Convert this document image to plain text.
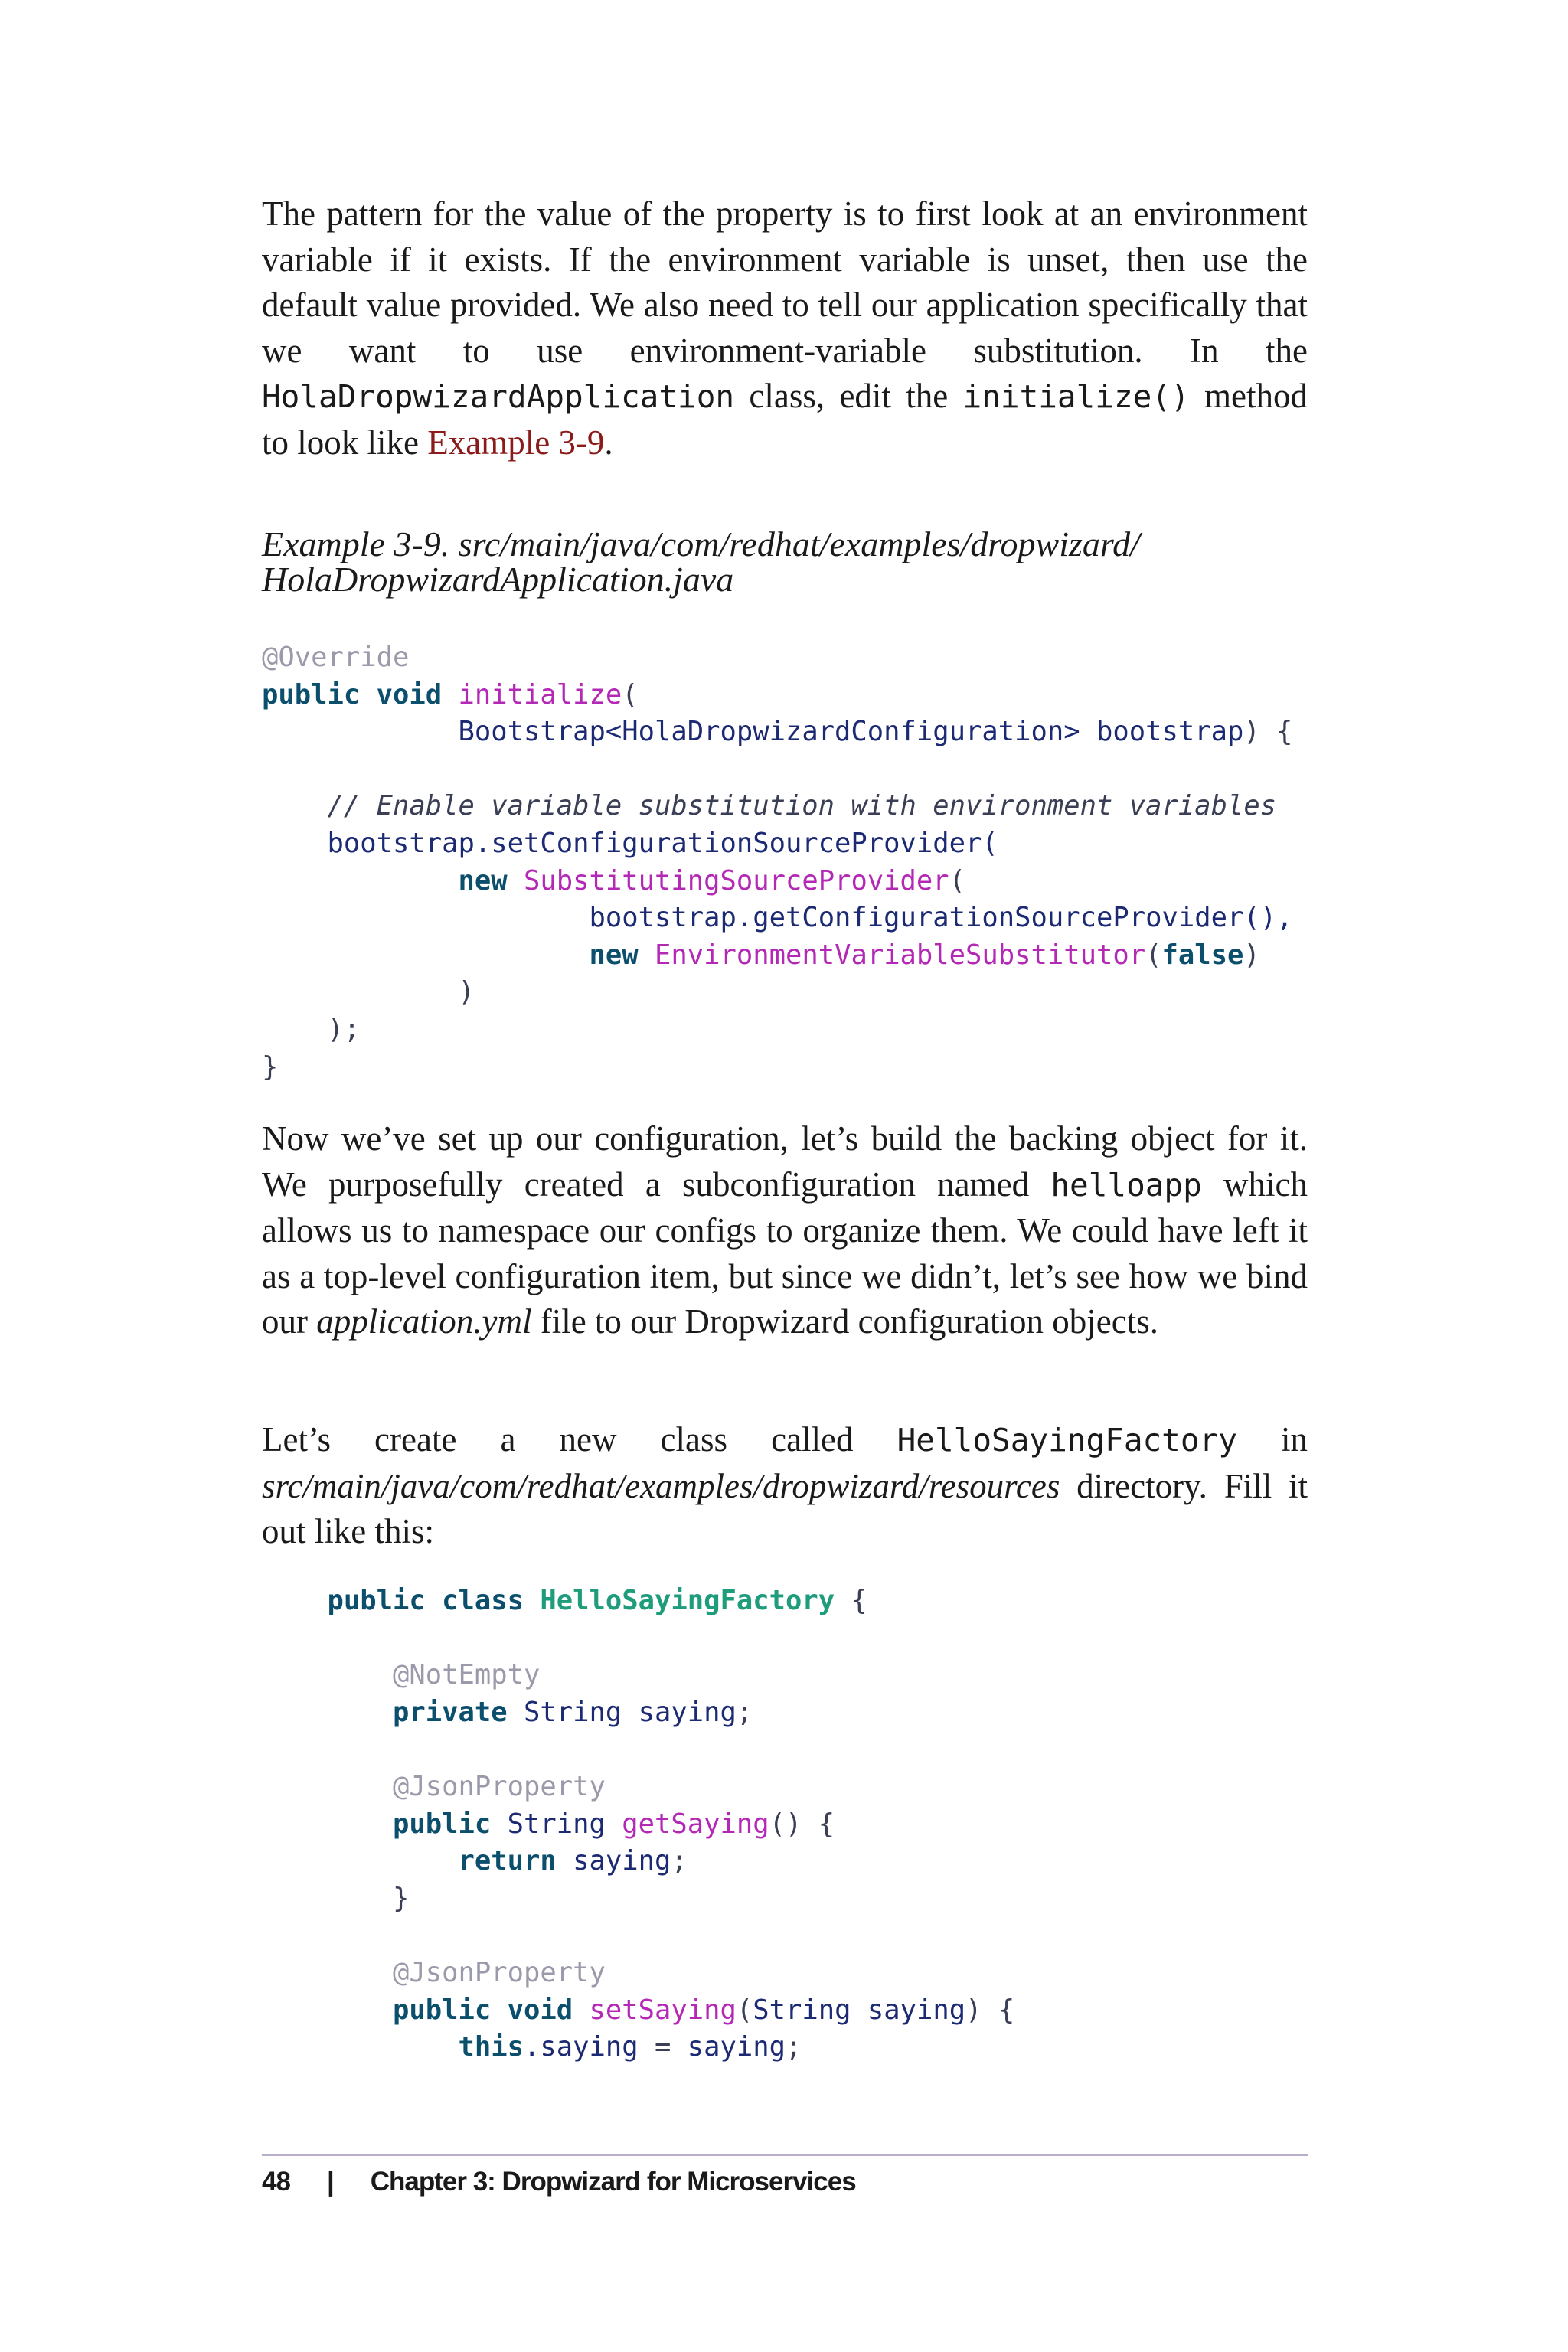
The pattern for the value of the property is to first look at an environment variable if it exists. If the environment variable is unset, then use the default value provided. We also need to tell our application specifically that we want to use environment-variable substitution. In the HolaDropwizardApplication class, edit the initialize() method to look like Example 3-9.

Example 3-9. src/main/java/com/redhat/examples/dropwizard/

HolaDropwizardApplication.java

@Override
public void initialize(
Bootstrap<HolaDropwizardConfiguration> bootstrap) {

// Enable variable substitution with environment variables
bootstrap.setConfigurationSourceProvider(
new SubstitutingSourceProvider(
bootstrap.getConfigurationSourceProvider(),
new EnvironmentVariableSubstitutor(false)
)
);
}

Now we’ve set up our configuration, let’s build the backing object for it. We purposefully created a subconfiguration named helloapp which allows us to namespace our configs to organize them. We could have left it as a top-level configuration item, but since we didn’t, let’s see how we bind our application.yml file to our Dropwizard configuration objects.

Let’s create a new class called HelloSayingFactory in src/main/java/com/redhat/examples/dropwizard/resources directory. Fill it out like this:

public class HelloSayingFactory {

@NotEmpty
private String saying;

@JsonProperty
public String getSaying() {
return saying;
}

@JsonProperty
public void setSaying(String saying) {
this.saying = saying;
48 | Chapter 3: Dropwizard for Microservices
